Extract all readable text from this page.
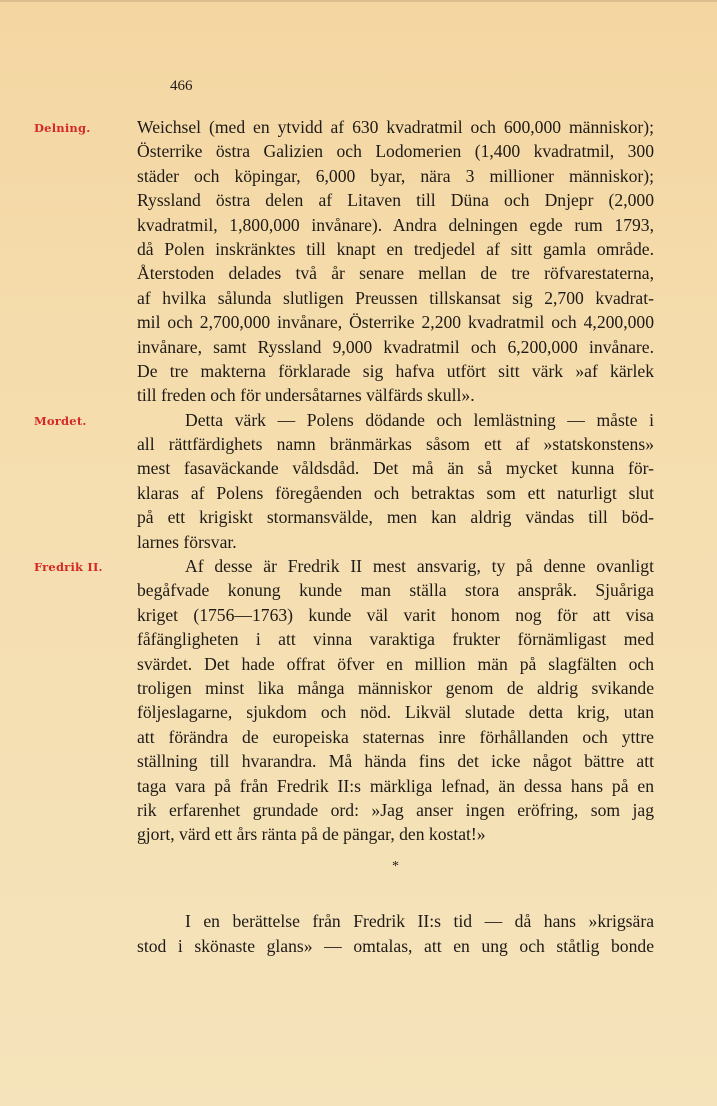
466
Delning.	Weichsel (med en ytvidd af 630 kvadratmil och 600,000 människor);
Österrike östra Galizien och Lodomerien (1,400 kvadratmil, 300
städer och köpingar, 6,000 byar, nära 3 millioner människor);
Ryssland östra delen af Litaven till Düna och Dnjepr (2,000
kvadratmil, 1,800,000 invånare). Andra delningen egde rum 1793,
då Polen inskränktes till knapt en tredjedel af sitt gamla område.
Återstoden delades två år senare mellan de tre röfvarestaterna,
af hvilka sålunda slutligen Preussen tillskansat sig 2,700 kvadrat-
mil och 2,700,000 invånare, Österrike 2,200 kvadratmil och 4,200,000
invånare, samt Ryssland 9,000 kvadratmil och 6,200,000 invånare.
De tre makterna förklarade sig hafva utfört sitt värk »af kärlek
till freden och för undersåtarnes välfärds skull».
Mordet.	Detta värk — Polens dödande och lemlästning — måste i
all rättfärdighets namn bränmärkas såsom ett af »statskonstens»
mest fasaväckande våldsdåd. Det må än så mycket kunna för-
klaras af Polens föregåenden och betraktas som ett naturligt slut
på ett krigiskt stormansvälde, men kan aldrig vändas till böd-
larnes försvar.
Fredrik II.	Af desse är Fredrik II mest ansvarig, ty på denne ovanligt
begåfvade konung kunde man ställa stora anspråk. Sjuåriga
kriget (1756—1763) kunde väl varit honom nog för att visa
fåfängligheten i att vinna varaktiga frukter förnämligast med
svärdet. Det hade offrat öfver en million män på slagfälten och
troligen minst lika många människor genom de aldrig svikande
följeslagarne, sjukdom och nöd. Likväl slutade detta krig, utan
att förändra de europeiska staternas inre förhållanden och yttre
ställning till hvarandra. Må hända fins det icke något bättre att
taga vara på från Fredrik II:s märkliga lefnad, än dessa hans på en
rik erfarenhet grundade ord: »Jag anser ingen eröfring, som jag
gjort, värd ett års ränta på de pängar, den kostat!»
*
I en berättelse från Fredrik II:s tid — då hans »krigsära
stod i skönaste glans» — omtalas, att en ung och ståtlig bonde
